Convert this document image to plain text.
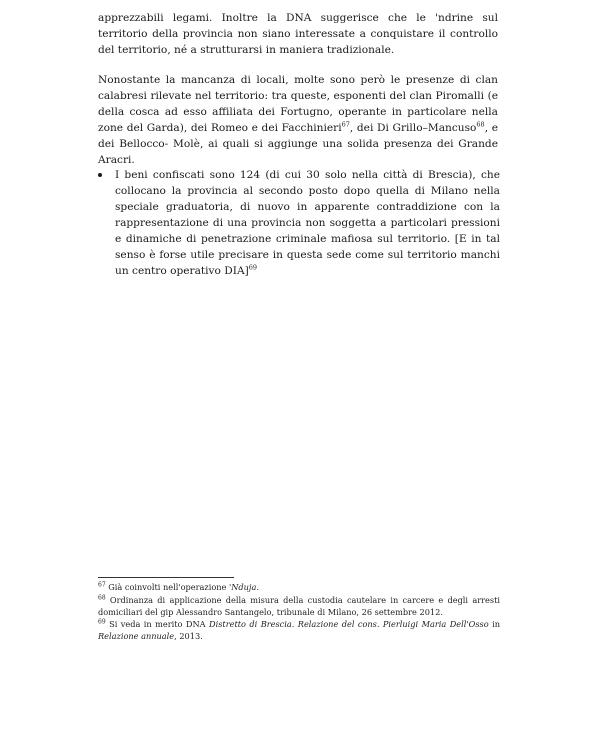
apprezzabili legami. Inoltre la DNA suggerisce che le 'ndrine sul territorio della provincia non siano interessate a conquistare il controllo del territorio, né a strutturarsi in maniera tradizionale.

Nonostante la mancanza di locali, molte sono però le presenze di clan calabresi rilevate nel territorio: tra queste, esponenti del clan Piromalli (e della cosca ad esso affiliata dei Fortugno, operante in particolare nella zone del Garda), dei Romeo e dei Facchinieri$^{67}$, dei Di Grillo–Mancuso$^{68}$, e dei Bellocco- Molè, ai quali si aggiunge una solida presenza dei Grande Aracri.

I beni confiscati sono 124 (di cui 30 solo nella città di Brescia), che collocano la provincia al secondo posto dopo quella di Milano nella speciale graduatoria, di nuovo in apparente contraddizione con la rappresentazione di una provincia non soggetta a particolari pressioni e dinamiche di penetrazione criminale mafiosa sul territorio. [E in tal senso è forse utile precisare in questa sede come sul territorio manchi un centro operativo DIA]$^{69}$

$^{67}$ Già coinvolti nell'operazione 'Nduja.

$^{68}$ Ordinanza di applicazione della misura della custodia cautelare in carcere e degli arresti domiciliari del gip Alessandro Santangelo, tribunale di Milano, 26 settembre 2012.

$^{69}$ Si veda in merito DNA Distretto di Brescia. Relazione del cons. Pierluigi Maria Dell'Osso in Relazione annuale, 2013.
